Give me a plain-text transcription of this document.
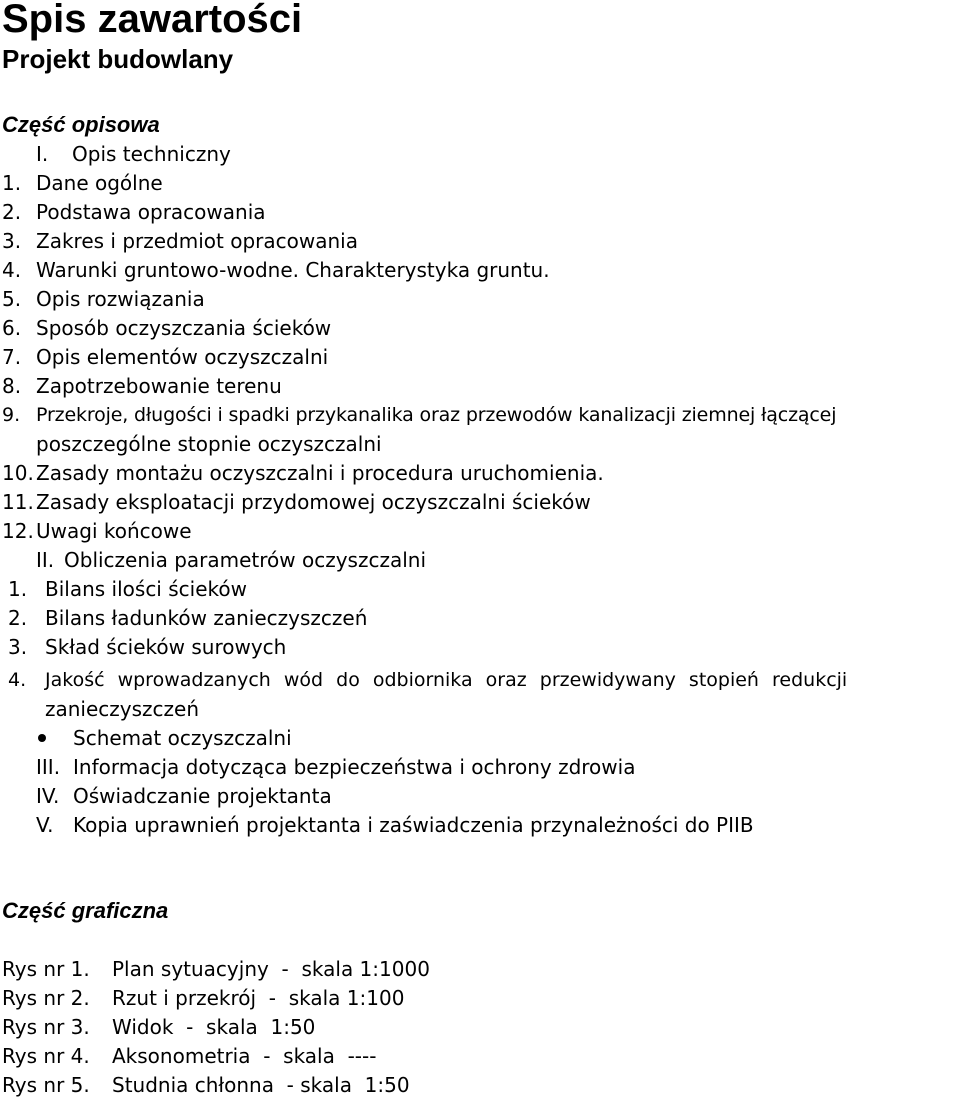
Spis zawartości
Projekt budowlany
Część opisowa
I.	Opis techniczny
1. Dane ogólne
2. Podstawa opracowania
3. Zakres i przedmiot opracowania
4. Warunki gruntowo-wodne. Charakterystyka gruntu.
5. Opis rozwiązania
6. Sposób oczyszczania ścieków
7. Opis elementów oczyszczalni
8. Zapotrzebowanie terenu
9. Przekroje, długości i spadki przykanalika oraz przewodów kanalizacji ziemnej łączącej
poszczególne stopnie oczyszczalni
10. Zasady montażu oczyszczalni i procedura uruchomienia.
11. Zasady eksploatacji przydomowej oczyszczalni ścieków
12. Uwagi końcowe
II. Obliczenia parametrów oczyszczalni
1. Bilans ilości ścieków
2. Bilans ładunków zanieczyszczeń
3. Skład ścieków surowych
4. Jakość wprowadzanych wód do odbiornika oraz przewidywany stopień redukcji
zanieczyszczeń
Schemat oczyszczalni
III. Informacja dotycząca bezpieczeństwa i ochrony zdrowia
IV. Oświadczanie projektanta
V. Kopia uprawnień projektanta i zaświadczenia przynależności do PIIB
Część graficzna
Rys nr 1.	Plan sytuacyjny  -  skala 1:1000
Rys nr 2.	Rzut i przekrój  -  skala 1:100
Rys nr 3.	Widok  -  skala  1:50
Rys nr 4.	Aksonometria  -  skala  ----
Rys nr 5.	Studnia chłonna  - skala  1:50
